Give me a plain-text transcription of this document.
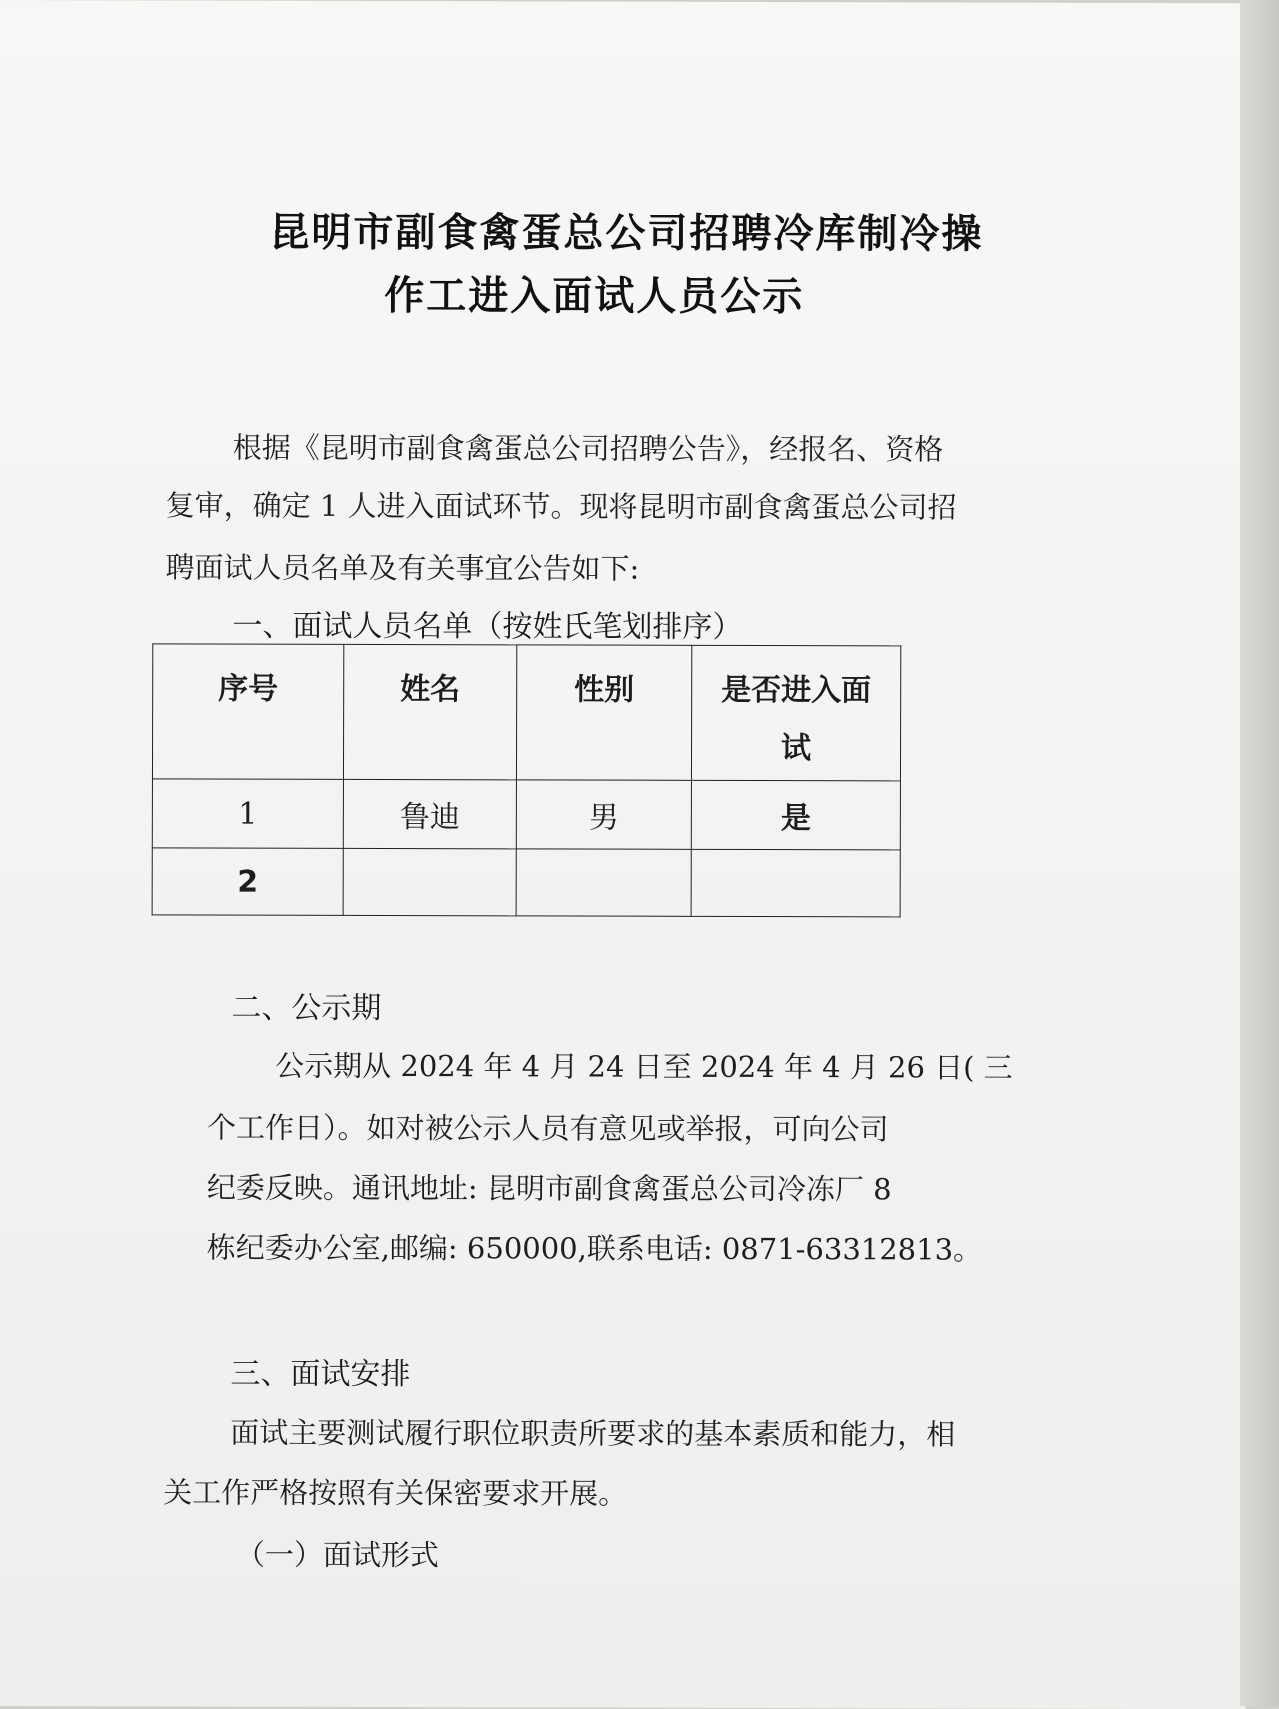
昆明市副食禽蛋总公司招聘冷库制冷操
作工进入面试人员公示
根据《昆明市副食禽蛋总公司招聘公告》，经报名、资格
复审，确定 1 人进入面试环节。现将昆明市副食禽蛋总公司招
聘面试人员名单及有关事宜公告如下:
一、面试人员名单（按姓氏笔划排序）
序号	姓名	性别	是否进入面
试

1	鲁迪	男	是
2			
二、公示期
公示期从 2024 年 4 月 24 日至 2024 年 4 月 26 日( 三
个工作日）。如对被公示人员有意见或举报，可向公司
纪委反映。通讯地址: 昆明市副食禽蛋总公司冷冻厂 8
栋纪委办公室,邮编: 650000,联系电话: 0871-63312813。
三、面试安排
面试主要测试履行职位职责所要求的基本素质和能力，相
关工作严格按照有关保密要求开展。
（一）面试形式
